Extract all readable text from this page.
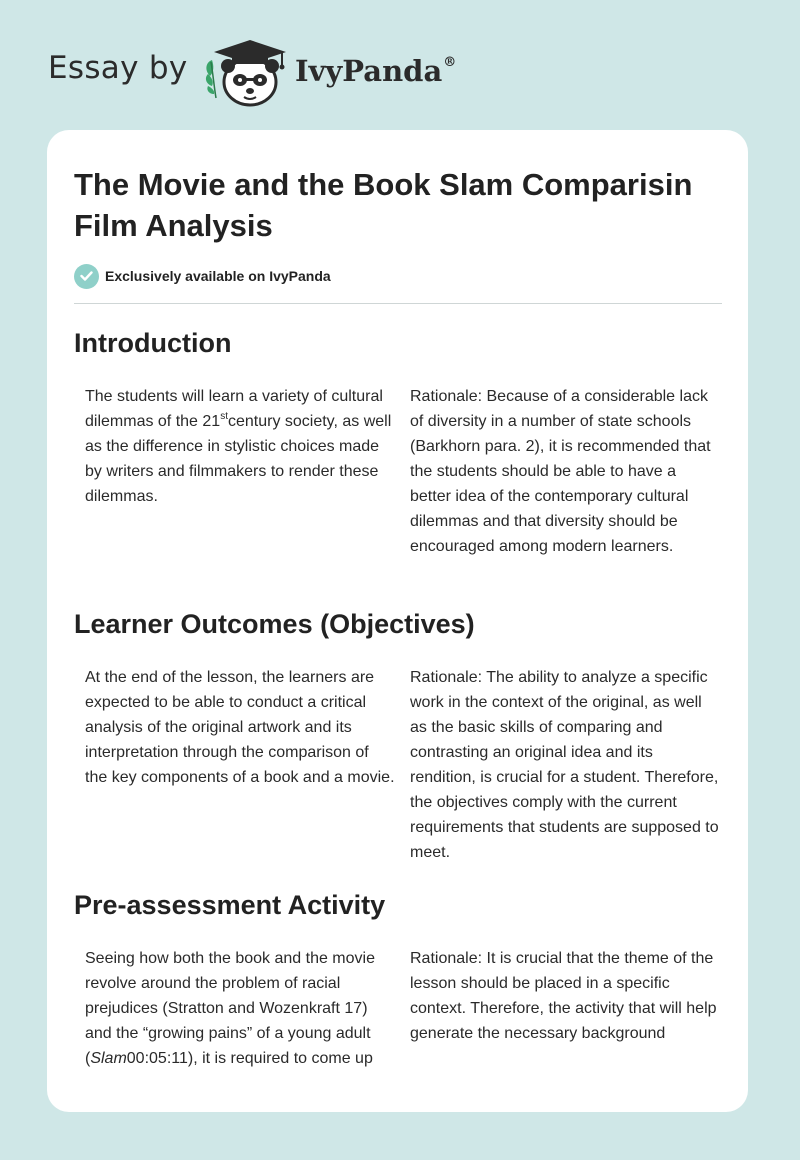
Essay by	IvyPanda®
The Movie and the Book Slam Comparisin Film Analysis
Exclusively available on IvyPanda
Introduction
The students will learn a variety of cultural dilemmas of the 21stcentury society, as well as the difference in stylistic choices made by writers and filmmakers to render these dilemmas.
Rationale: Because of a considerable lack of diversity in a number of state schools (Barkhorn para. 2), it is recommended that the students should be able to have a better idea of the contemporary cultural dilemmas and that diversity should be encouraged among modern learners.
Learner Outcomes (Objectives)
At the end of the lesson, the learners are expected to be able to conduct a critical analysis of the original artwork and its interpretation through the comparison of the key components of a book and a movie.
Rationale: The ability to analyze a specific work in the context of the original, as well as the basic skills of comparing and contrasting an original idea and its rendition, is crucial for a student. Therefore, the objectives comply with the current requirements that students are supposed to meet.
Pre-assessment Activity
Seeing how both the book and the movie revolve around the problem of racial prejudices (Stratton and Wozenkraft 17) and the “growing pains” of a young adult (Slam00:05:11), it is required to come up
Rationale: It is crucial that the theme of the lesson should be placed in a specific context. Therefore, the activity that will help generate the necessary background
